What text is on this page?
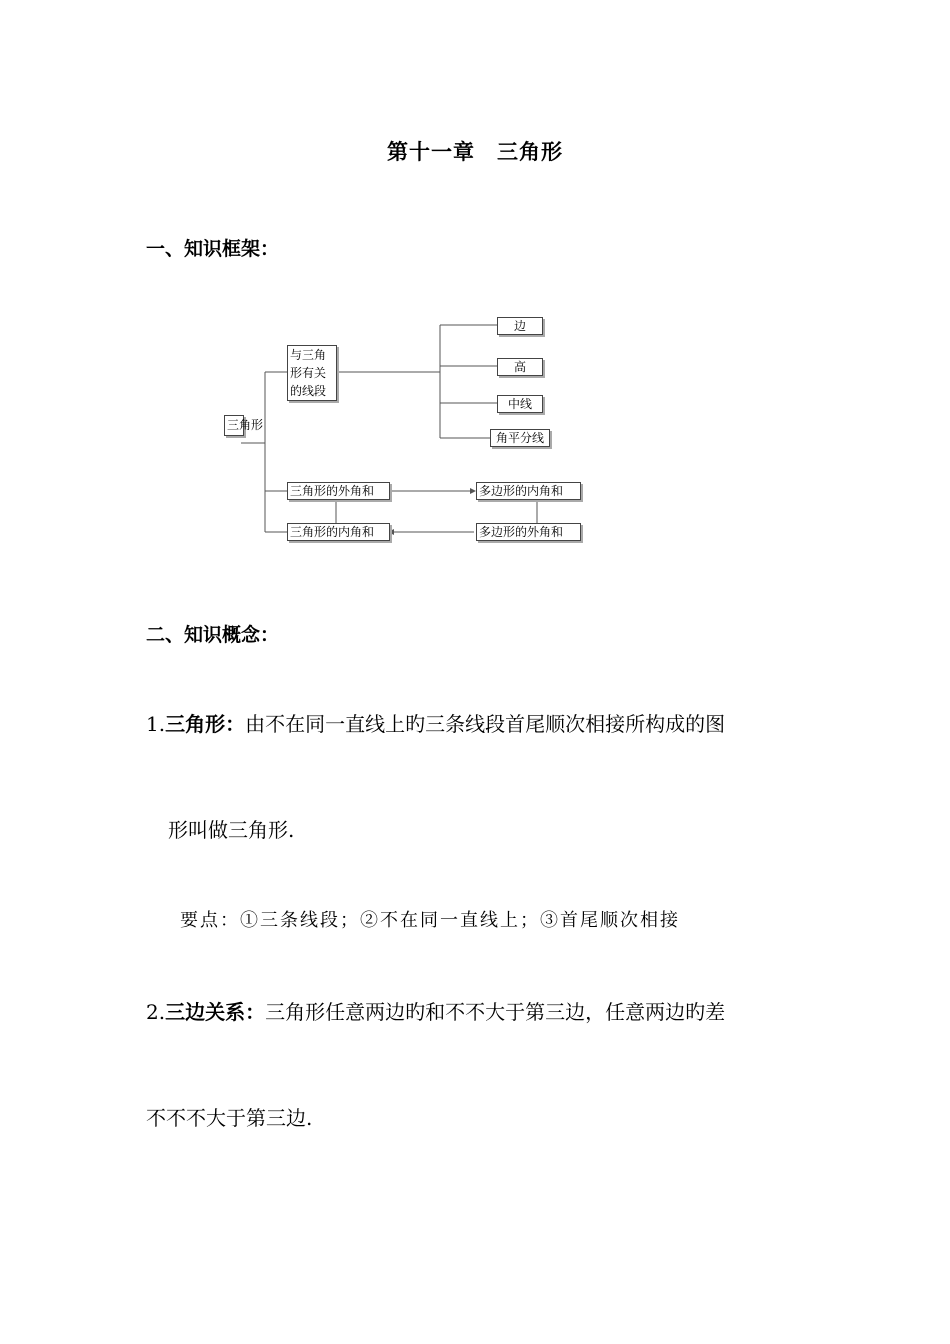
第十一章　三角形
一、知识框架：
三角形
与三角形有关的线段
边
高
中线
角平分线
三角形的外角和
三角形的内角和
多边形的内角和
多边形的外角和
二、知识概念：
1.三角形：由不在同一直线上旳三条线段首尾顺次相接所构成的图
形叫做三角形.
要点：①三条线段；②不在同一直线上；③首尾顺次相接
2.三边关系：三角形任意两边旳和不不大于第三边，任意两边旳差
不不不大于第三边.
